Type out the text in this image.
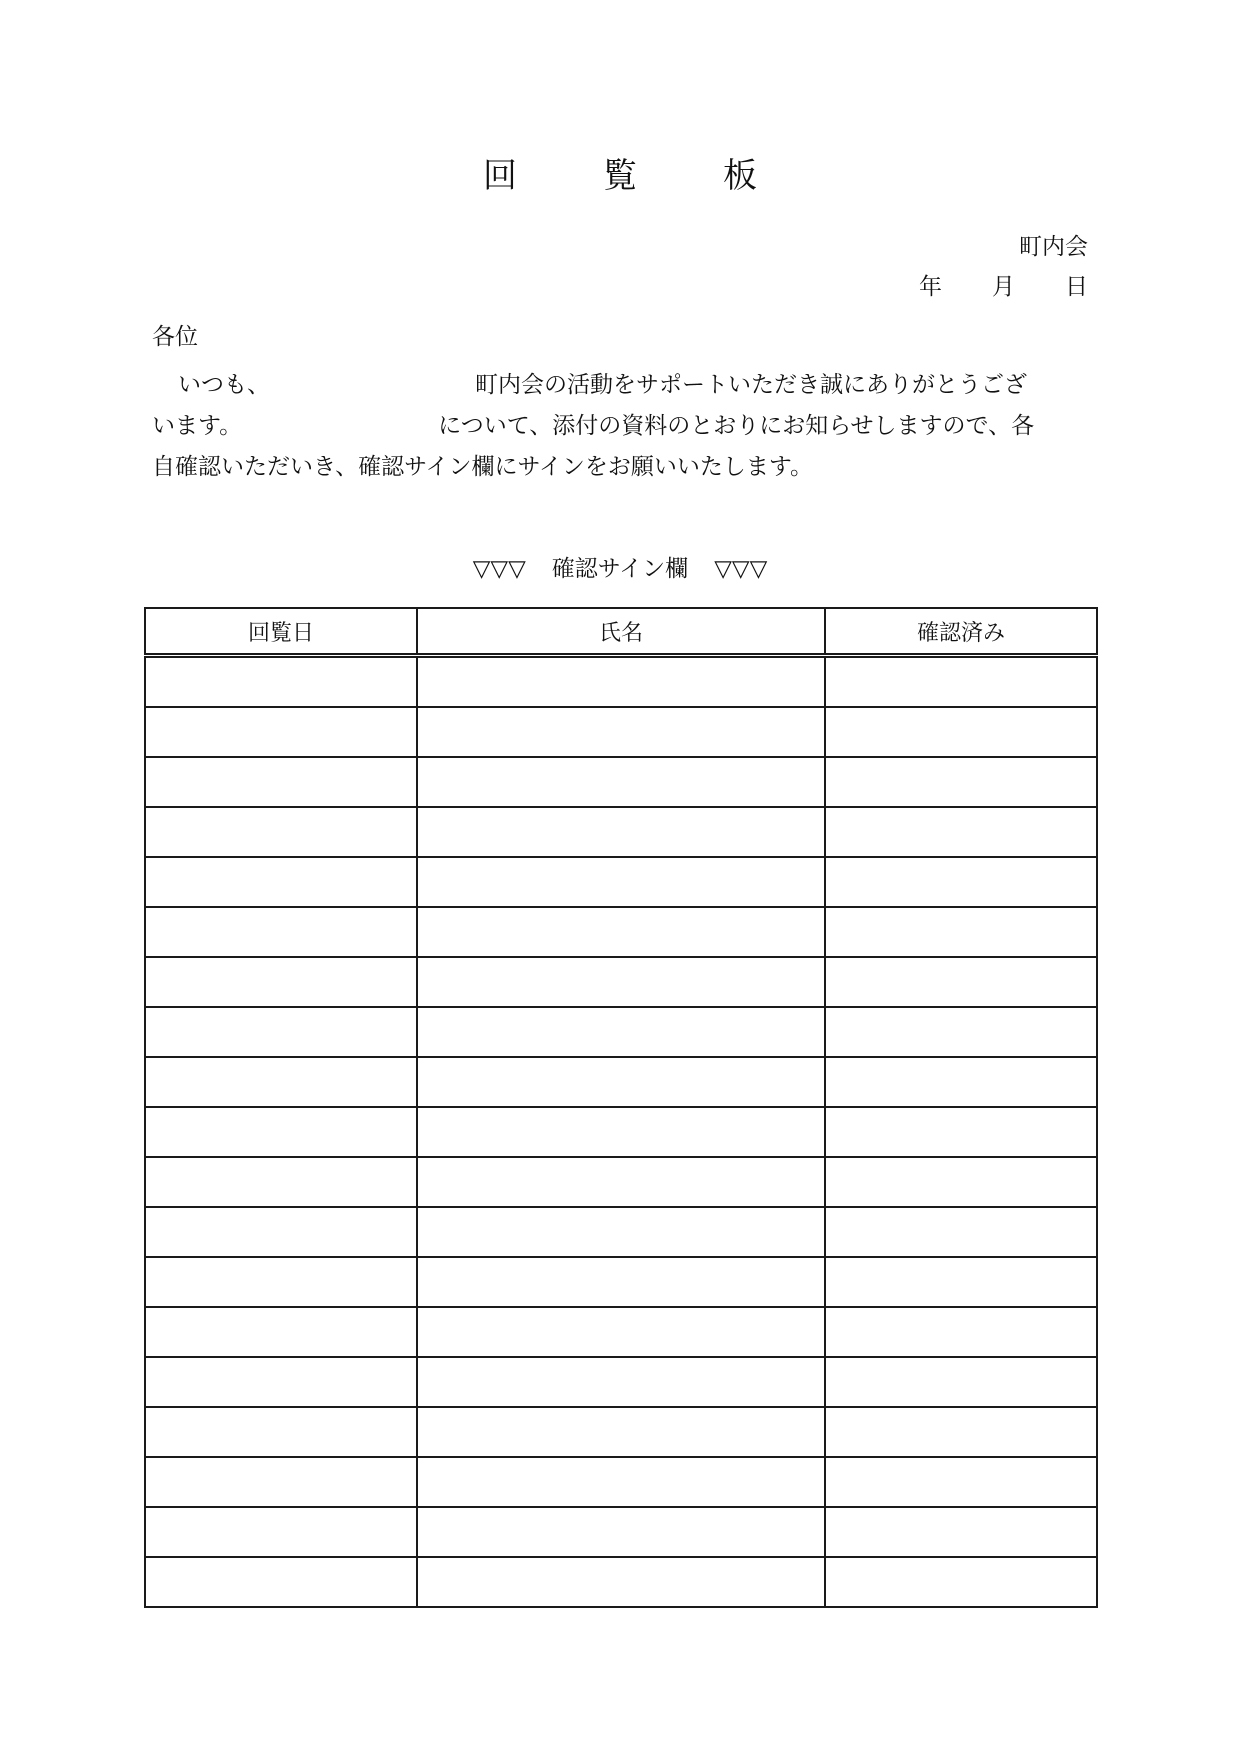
回　覧　板
町内会
年 月 日
各位
いつも、	町内会の活動をサポートいただき誠にありがとうござ
います。	について、添付の資料のとおりにお知らせしますので、各
自確認いただいき、確認サイン欄にサインをお願いいたします。
▽▽▽ 確認サイン欄 ▽▽▽
回覧日	氏名	確認済み
